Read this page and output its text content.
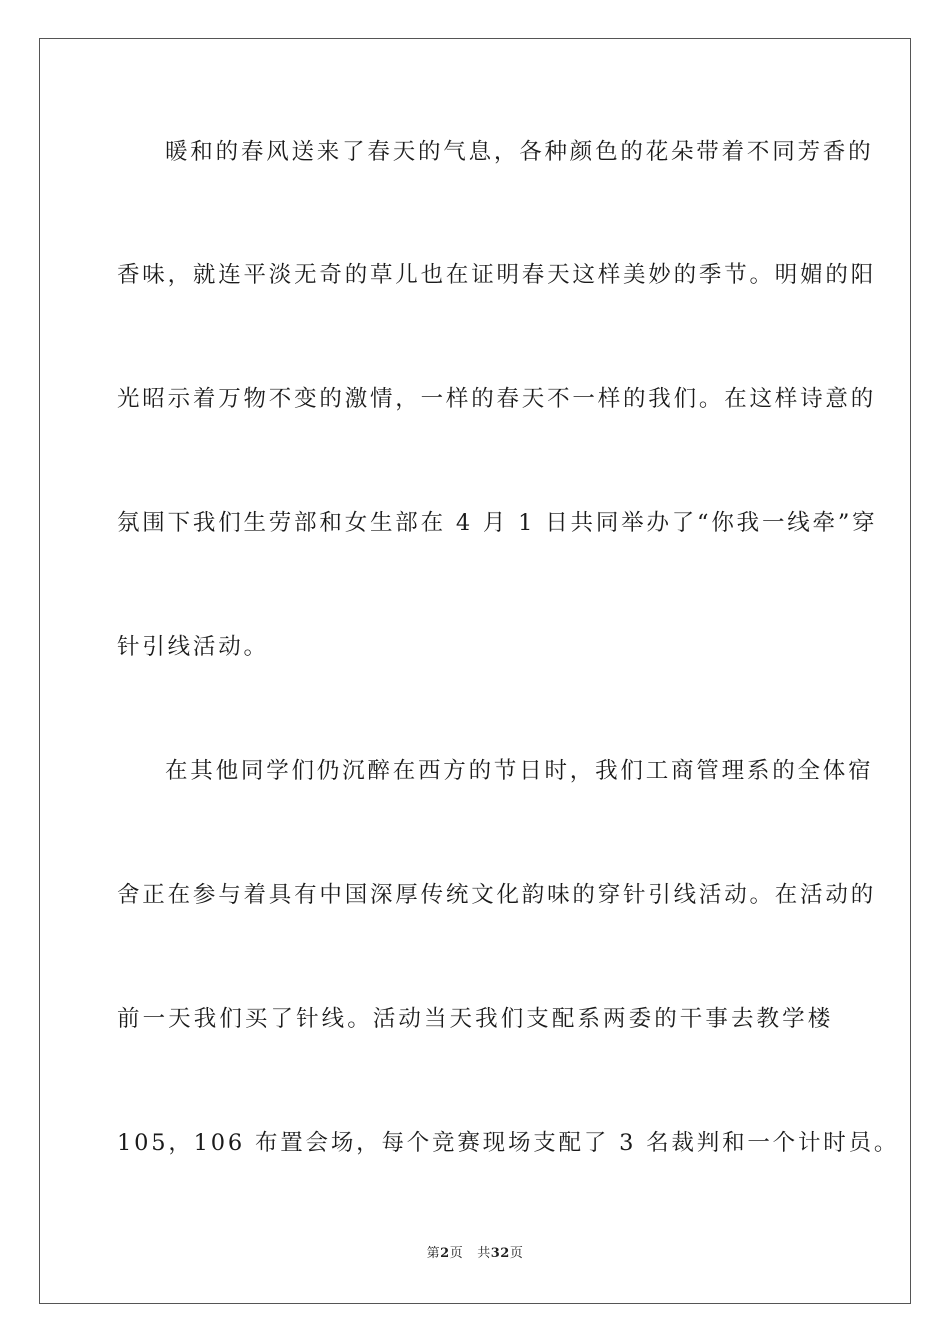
暖和的春风送来了春天的气息，各种颜色的花朵带着不同芳香的
香味，就连平淡无奇的草儿也在证明春天这样美妙的季节。明媚的阳
光昭示着万物不变的激情，一样的春天不一样的我们。在这样诗意的
氛围下我们生劳部和女生部在 4 月 1 日共同举办了“你我一线牵”穿
针引线活动。
在其他同学们仍沉醉在西方的节日时，我们工商管理系的全体宿
舍正在参与着具有中国深厚传统文化韵味的穿针引线活动。在活动的
前一天我们买了针线。活动当天我们支配系两委的干事去教学楼
105，106 布置会场，每个竞赛现场支配了 3 名裁判和一个计时员。
第2页 共32页
